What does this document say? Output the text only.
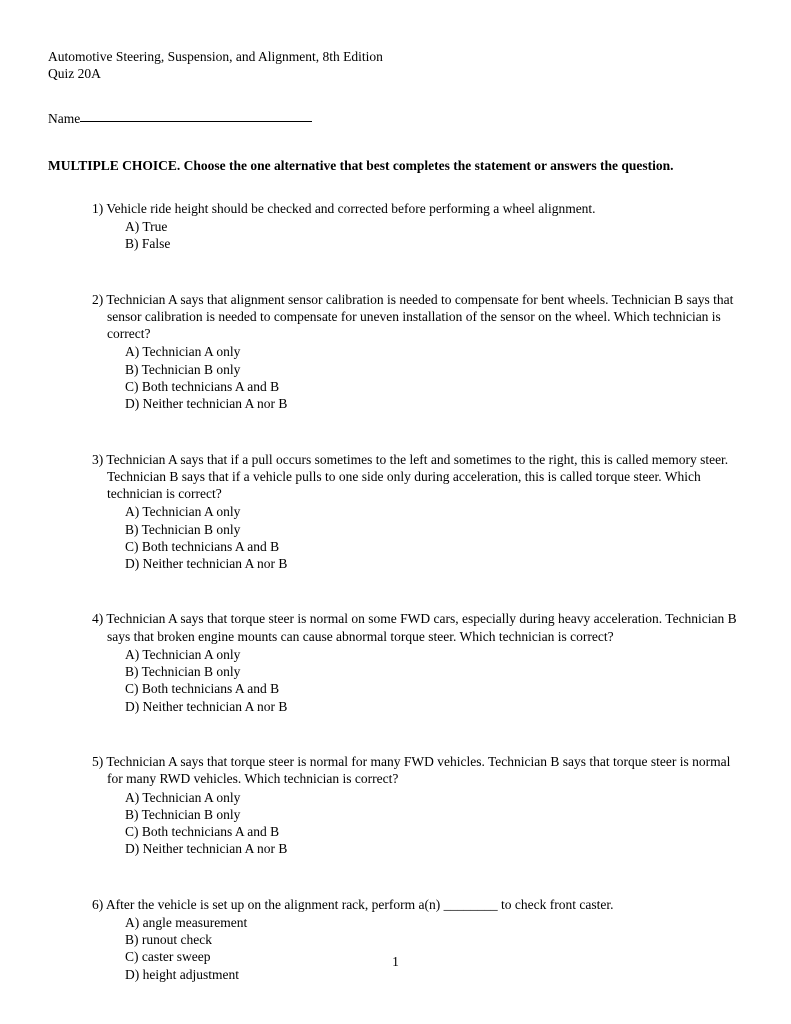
Automotive Steering, Suspension, and Alignment, 8th Edition
Quiz 20A
Name
MULTIPLE CHOICE. Choose the one alternative that best completes the statement or answers the question.
1) Vehicle ride height should be checked and corrected before performing a wheel alignment.
A) True
B) False
2) Technician A says that alignment sensor calibration is needed to compensate for bent wheels. Technician B says that sensor calibration is needed to compensate for uneven installation of the sensor on the wheel. Which technician is correct?
A) Technician A only
B) Technician B only
C) Both technicians A and B
D) Neither technician A nor B
3) Technician A says that if a pull occurs sometimes to the left and sometimes to the right, this is called memory steer. Technician B says that if a vehicle pulls to one side only during acceleration, this is called torque steer. Which technician is correct?
A) Technician A only
B) Technician B only
C) Both technicians A and B
D) Neither technician A nor B
4) Technician A says that torque steer is normal on some FWD cars, especially during heavy acceleration. Technician B says that broken engine mounts can cause abnormal torque steer. Which technician is correct?
A) Technician A only
B) Technician B only
C) Both technicians A and B
D) Neither technician A nor B
5) Technician A says that torque steer is normal for many FWD vehicles. Technician B says that torque steer is normal for many RWD vehicles. Which technician is correct?
A) Technician A only
B) Technician B only
C) Both technicians A and B
D) Neither technician A nor B
6) After the vehicle is set up on the alignment rack, perform a(n) ________ to check front caster.
A) angle measurement
B) runout check
C) caster sweep
D) height adjustment
1
